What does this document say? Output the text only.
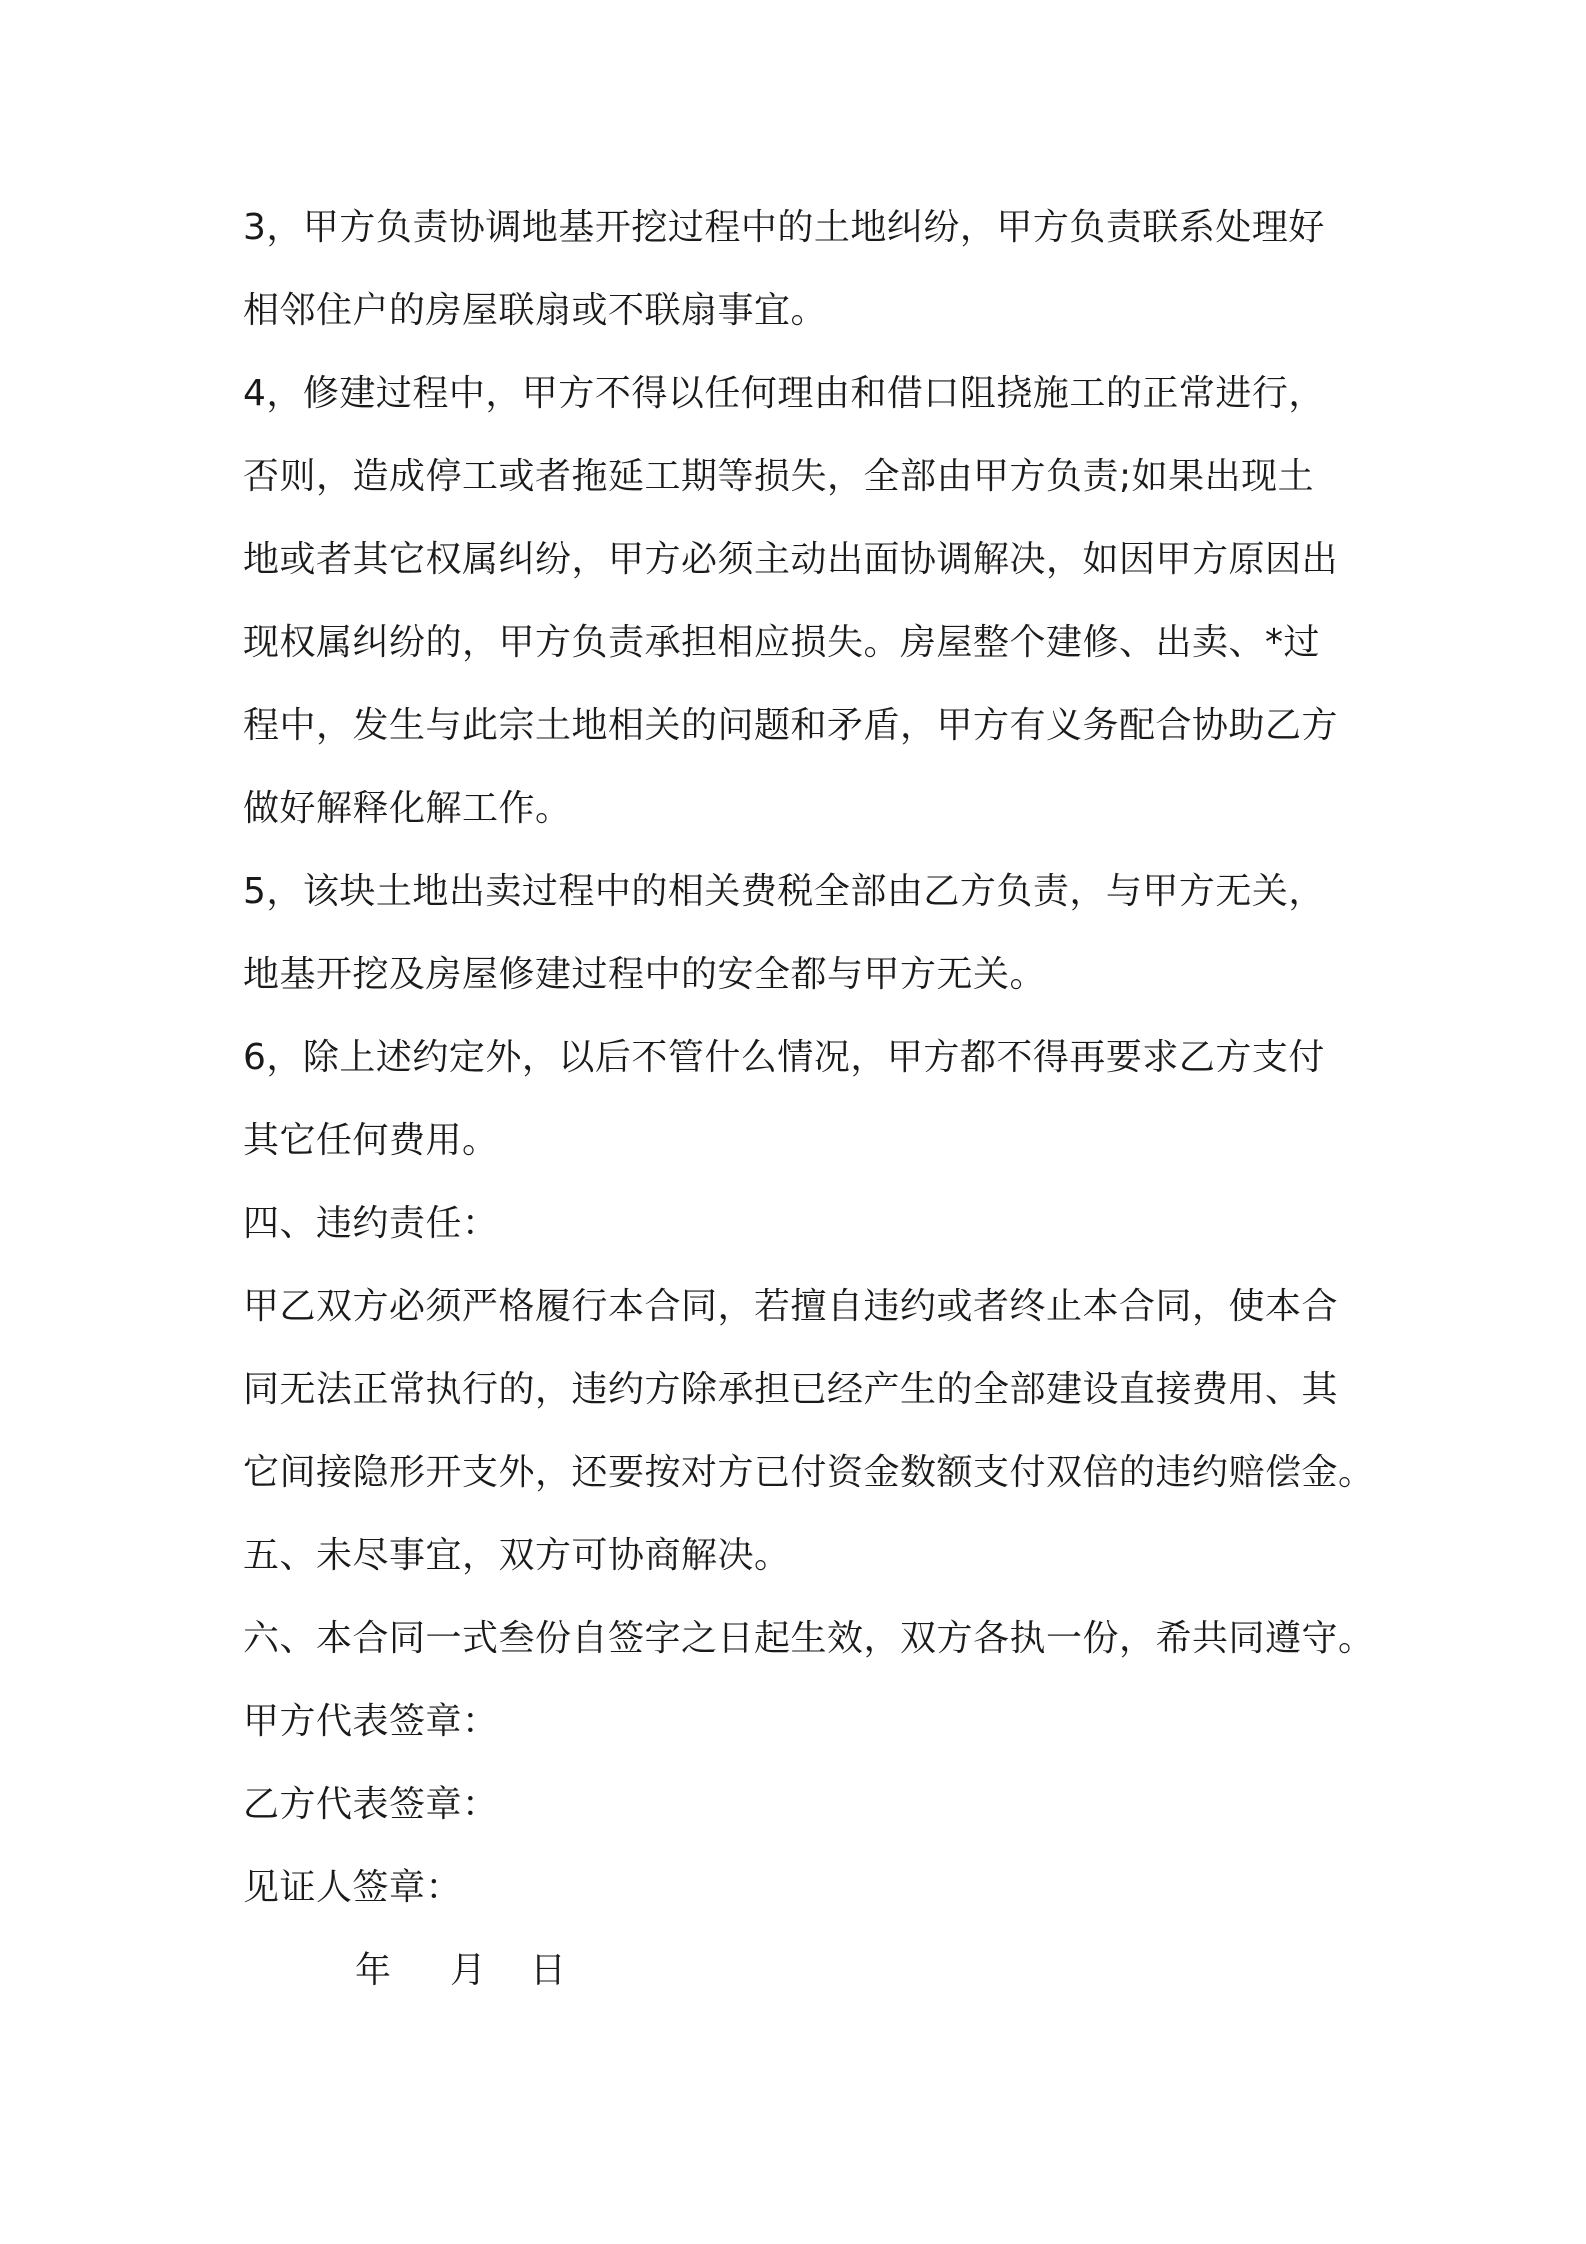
3，甲方负责协调地基开挖过程中的土地纠纷，甲方负责联系处理好
相邻住户的房屋联扇或不联扇事宜。
4，修建过程中，甲方不得以任何理由和借口阻挠施工的正常进行，
否则，造成停工或者拖延工期等损失，全部由甲方负责;如果出现土
地或者其它权属纠纷，甲方必须主动出面协调解决，如因甲方原因出
现权属纠纷的，甲方负责承担相应损失。房屋整个建修、出卖、*过
程中，发生与此宗土地相关的问题和矛盾，甲方有义务配合协助乙方
做好解释化解工作。
5，该块土地出卖过程中的相关费税全部由乙方负责，与甲方无关，
地基开挖及房屋修建过程中的安全都与甲方无关。
6，除上述约定外，以后不管什么情况，甲方都不得再要求乙方支付
其它任何费用。
四、违约责任：
甲乙双方必须严格履行本合同，若擅自违约或者终止本合同，使本合
同无法正常执行的，违约方除承担已经产生的全部建设直接费用、其
它间接隐形开支外，还要按对方已付资金数额支付双倍的违约赔偿金。
五、未尽事宜，双方可协商解决。
六、本合同一式叁份自签字之日起生效，双方各执一份，希共同遵守。
甲方代表签章：
乙方代表签章：
见证人签章：
年 月 日
